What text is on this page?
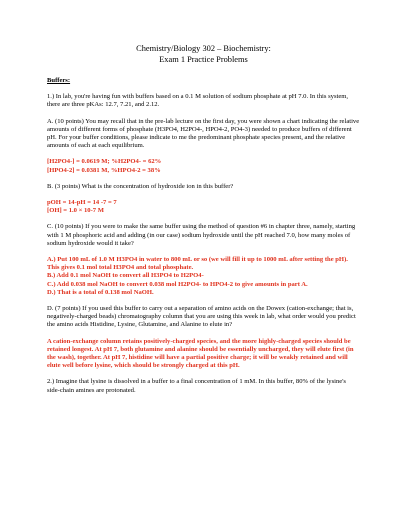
Chemistry/Biology 302 – Biochemistry:
Exam 1 Practice Problems
Buffers:

1.) In lab, you're having fun with buffers based on a 0.1 M solution of sodium phosphate at pH 7.0. In this system, there are three pKAs: 12.7, 7.21, and 2.12.

A. (10 points) You may recall that in the pre-lab lecture on the first day, you were shown a chart indicating the relative amounts of different forms of phosphate (H3PO4, H2PO4-, HPO4-2, PO4-3) needed to produce buffers of different pH. For your buffer conditions, please indicate to me the predominant phosphate species present, and the relative amounts of each at each equilibrium.

[H2PO4-] = 0.0619 M; %H2PO4- = 62%
[HPO4-2] = 0.0381 M, %HPO4-2 = 38%

B. (3 points) What is the concentration of hydroxide ion in this buffer?

pOH = 14-pH = 14 -7 = 7
[OH] = 1.0 × 10-7 M

C. (10 points) If you were to make the same buffer using the method of question #6 in chapter three, namely, starting with 1 M phosphoric acid and adding (in our case) sodium hydroxide until the pH reached 7.0, how many moles of sodium hydroxide would it take?

A.) Put 100 mL of 1.0 M H3PO4 in water to 800 mL or so (we will fill it up to 1000 mL after setting the pH). This gives 0.1 mol total H3PO4 and total phosphate.
B.) Add 0.1 mol NaOH to convert all H3PO4 to H2PO4-
C.) Add 0.038 mol NaOH to convert 0.038 mol H2PO4- to HPO4-2 to give amounts in part A.
D.) That is a total of 0.138 mol NaOH.

D. (7 points) If you used this buffer to carry out a separation of amino acids on the Dowex (cation-exchange; that is, negatively-charged beads) chromatography column that you are using this week in lab, what order would you predict the amino acids Histidine, Lysine, Glutamine, and Alanine to elute in?

A cation-exchange column retains positively-charged species, and the more highly-charged species should be retained longest. At pH 7, both glutamine and alanine should be essentially uncharged, they will elute first (in the wash), together. At pH 7, histidine will have a partial positive charge; it will be weakly retained and will elute well before lysine, which should be strongly charged at this pH.

2.) Imagine that lysine is dissolved in a buffer to a final concentration of 1 mM. In this buffer, 80% of the lysine's side-chain amines are protonated.
